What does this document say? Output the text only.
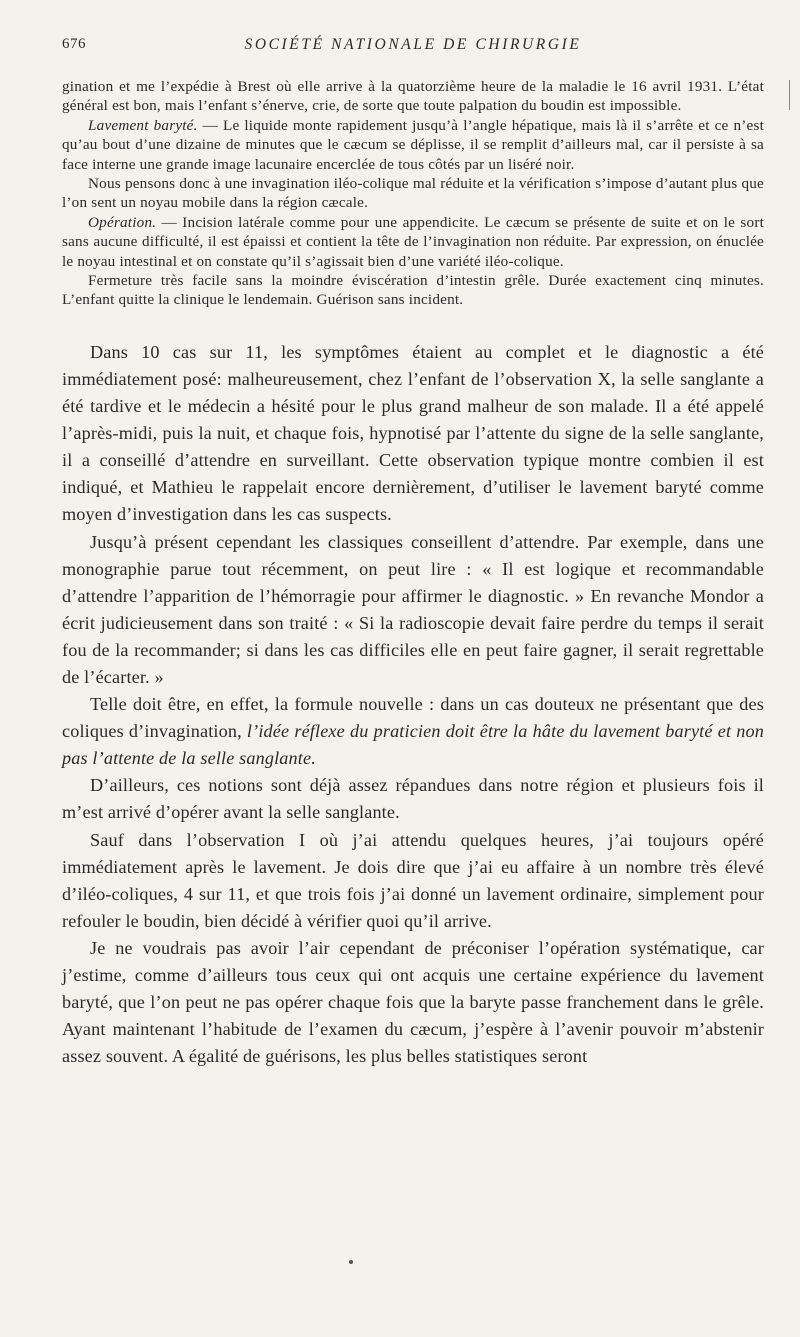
676	SOCIÉTÉ NATIONALE DE CHIRURGIE

gination et me l’expédie à Brest où elle arrive à la quatorzième heure de la maladie le 16 avril 1931. L’état général est bon, mais l’enfant s’énerve, crie, de sorte que toute palpation du boudin est impossible.

Lavement baryté. — Le liquide monte rapidement jusqu’à l’angle hépatique, mais là il s’arrête et ce n’est qu’au bout d’une dizaine de minutes que le cæcum se déplisse, il se remplit d’ailleurs mal, car il persiste à sa face interne une grande image lacunaire encerclée de tous côtés par un liséré noir.

Nous pensons donc à une invagination iléo-colique mal réduite et la vérification s’impose d’autant plus que l’on sent un noyau mobile dans la région cæcale.

Opération. — Incision latérale comme pour une appendicite. Le cæcum se présente de suite et on le sort sans aucune difficulté, il est épaissi et contient la tête de l’invagination non réduite. Par expression, on énuclée le noyau intestinal et on constate qu’il s’agissait bien d’une variété iléo-colique.

Fermeture très facile sans la moindre éviscération d’intestin grêle. Durée exactement cinq minutes. L’enfant quitte la clinique le lendemain. Guérison sans incident.

Dans 10 cas sur 11, les symptômes étaient au complet et le diagnostic a été immédiatement posé: malheureusement, chez l’enfant de l’observation X, la selle sanglante a été tardive et le médecin a hésité pour le plus grand malheur de son malade. Il a été appelé l’après-midi, puis la nuit, et chaque fois, hypnotisé par l’attente du signe de la selle sanglante, il a conseillé d’attendre en surveillant. Cette observation typique montre combien il est indiqué, et Mathieu le rappelait encore dernièrement, d’utiliser le lavement baryté comme moyen d’investigation dans les cas suspects.

Jusqu’à présent cependant les classiques conseillent d’attendre. Par exemple, dans une monographie parue tout récemment, on peut lire : « Il est logique et recommandable d’attendre l’apparition de l’hémorragie pour affirmer le diagnostic. » En revanche Mondor a écrit judicieusement dans son traité : « Si la radioscopie devait faire perdre du temps il serait fou de la recommander; si dans les cas difficiles elle en peut faire gagner, il serait regrettable de l’écarter. »

Telle doit être, en effet, la formule nouvelle : dans un cas douteux ne présentant que des coliques d’invagination, l’idée réflexe du praticien doit être la hâte du lavement baryté et non pas l’attente de la selle sanglante.

D’ailleurs, ces notions sont déjà assez répandues dans notre région et plusieurs fois il m’est arrivé d’opérer avant la selle sanglante.

Sauf dans l’observation I où j’ai attendu quelques heures, j’ai toujours opéré immédiatement après le lavement. Je dois dire que j’ai eu affaire à un nombre très élevé d’iléo-coliques, 4 sur 11, et que trois fois j’ai donné un lavement ordinaire, simplement pour refouler le boudin, bien décidé à vérifier quoi qu’il arrive.

Je ne voudrais pas avoir l’air cependant de préconiser l’opération systématique, car j’estime, comme d’ailleurs tous ceux qui ont acquis une certaine expérience du lavement baryté, que l’on peut ne pas opérer chaque fois que la baryte passe franchement dans le grêle. Ayant maintenant l’habitude de l’examen du cæcum, j’espère à l’avenir pouvoir m’abstenir assez souvent. A égalité de guérisons, les plus belles statistiques seront
